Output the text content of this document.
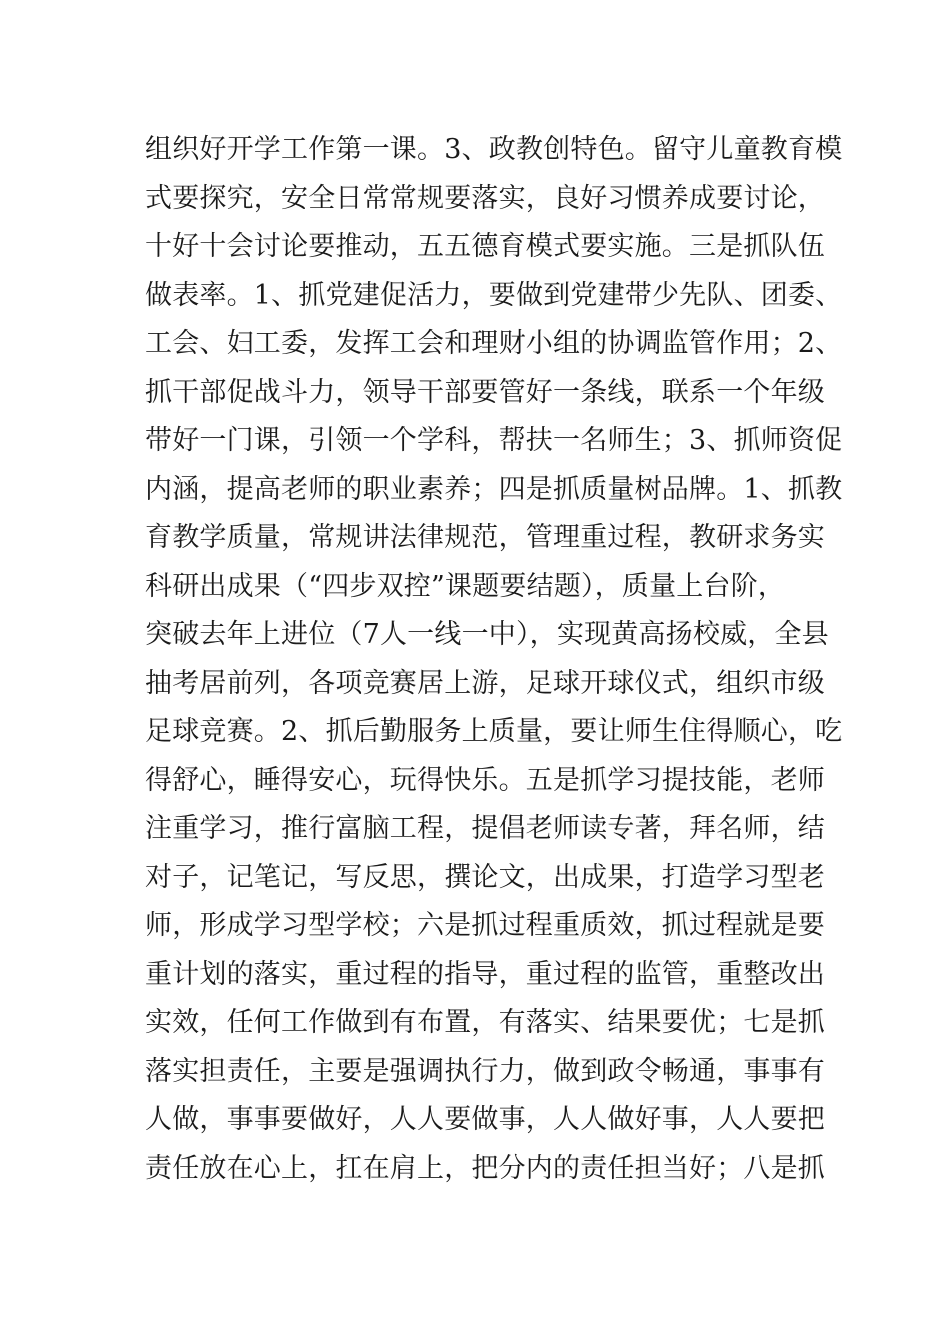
组织好开学工作第一课。3、政教创特色。留守儿童教育模
式要探究，安全日常常规要落实，良好习惯养成要讨论，
十好十会讨论要推动，五五德育模式要实施。三是抓队伍
做表率。1、抓党建促活力，要做到党建带少先队、团委、
工会、妇工委，发挥工会和理财小组的协调监管作用；2、
抓干部促战斗力，领导干部要管好一条线，联系一个年级
带好一门课，引领一个学科，帮扶一名师生；3、抓师资促
内涵，提高老师的职业素养；四是抓质量树品牌。1、抓教
育教学质量，常规讲法律规范，管理重过程，教研求务实
科研出成果（“四步双控”课题要结题），质量上台阶，
突破去年上进位（7人一线一中），实现黄高扬校威，全县
抽考居前列，各项竞赛居上游，足球开球仪式，组织市级
足球竞赛。2、抓后勤服务上质量，要让师生住得顺心，吃
得舒心，睡得安心，玩得快乐。五是抓学习提技能，老师
注重学习，推行富脑工程，提倡老师读专著，拜名师，结
对子，记笔记，写反思，撰论文，出成果，打造学习型老
师，形成学习型学校；六是抓过程重质效，抓过程就是要
重计划的落实，重过程的指导，重过程的监管，重整改出
实效，任何工作做到有布置，有落实、结果要优；七是抓
落实担责任，主要是强调执行力，做到政令畅通，事事有
人做，事事要做好，人人要做事，人人做好事，人人要把
责任放在心上，扛在肩上，把分内的责任担当好；八是抓
